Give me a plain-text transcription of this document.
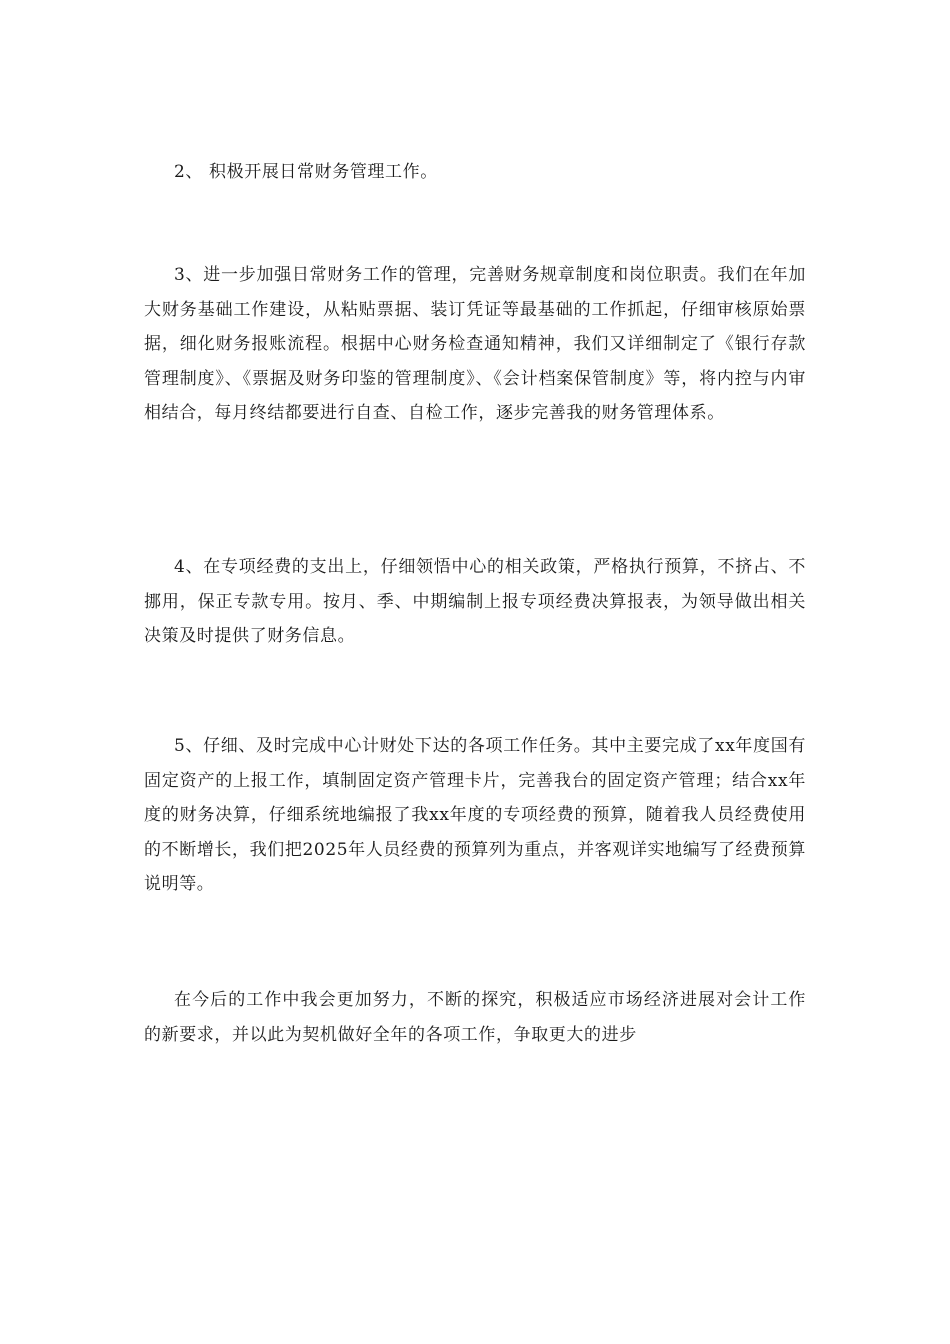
2、 积极开展日常财务管理工作。

3、进一步加强日常财务工作的管理，完善财务规章制度和岗位职责。我们在年加大财务基础工作建设，从粘贴票据、装订凭证等最基础的工作抓起，仔细审核原始票据，细化财务报账流程。根据中心财务检查通知精神，我们又详细制定了《银行存款管理制度》、《票据及财务印鉴的管理制度》、《会计档案保管制度》等，将内控与内审相结合，每月终结都要进行自查、自检工作，逐步完善我的财务管理体系。

4、在专项经费的支出上，仔细领悟中心的相关政策，严格执行预算，不挤占、不挪用，保正专款专用。按月、季、中期编制上报专项经费决算报表，为领导做出相关决策及时提供了财务信息。

5、仔细、及时完成中心计财处下达的各项工作任务。其中主要完成了xx年度国有固定资产的上报工作，填制固定资产管理卡片，完善我台的固定资产管理；结合xx年度的财务决算，仔细系统地编报了我xx年度的专项经费的预算，随着我人员经费使用的不断增长，我们把2025年人员经费的预算列为重点，并客观详实地编写了经费预算说明等。

在今后的工作中我会更加努力，不断的探究，积极适应市场经济进展对会计工作的新要求，并以此为契机做好全年的各项工作，争取更大的进步
